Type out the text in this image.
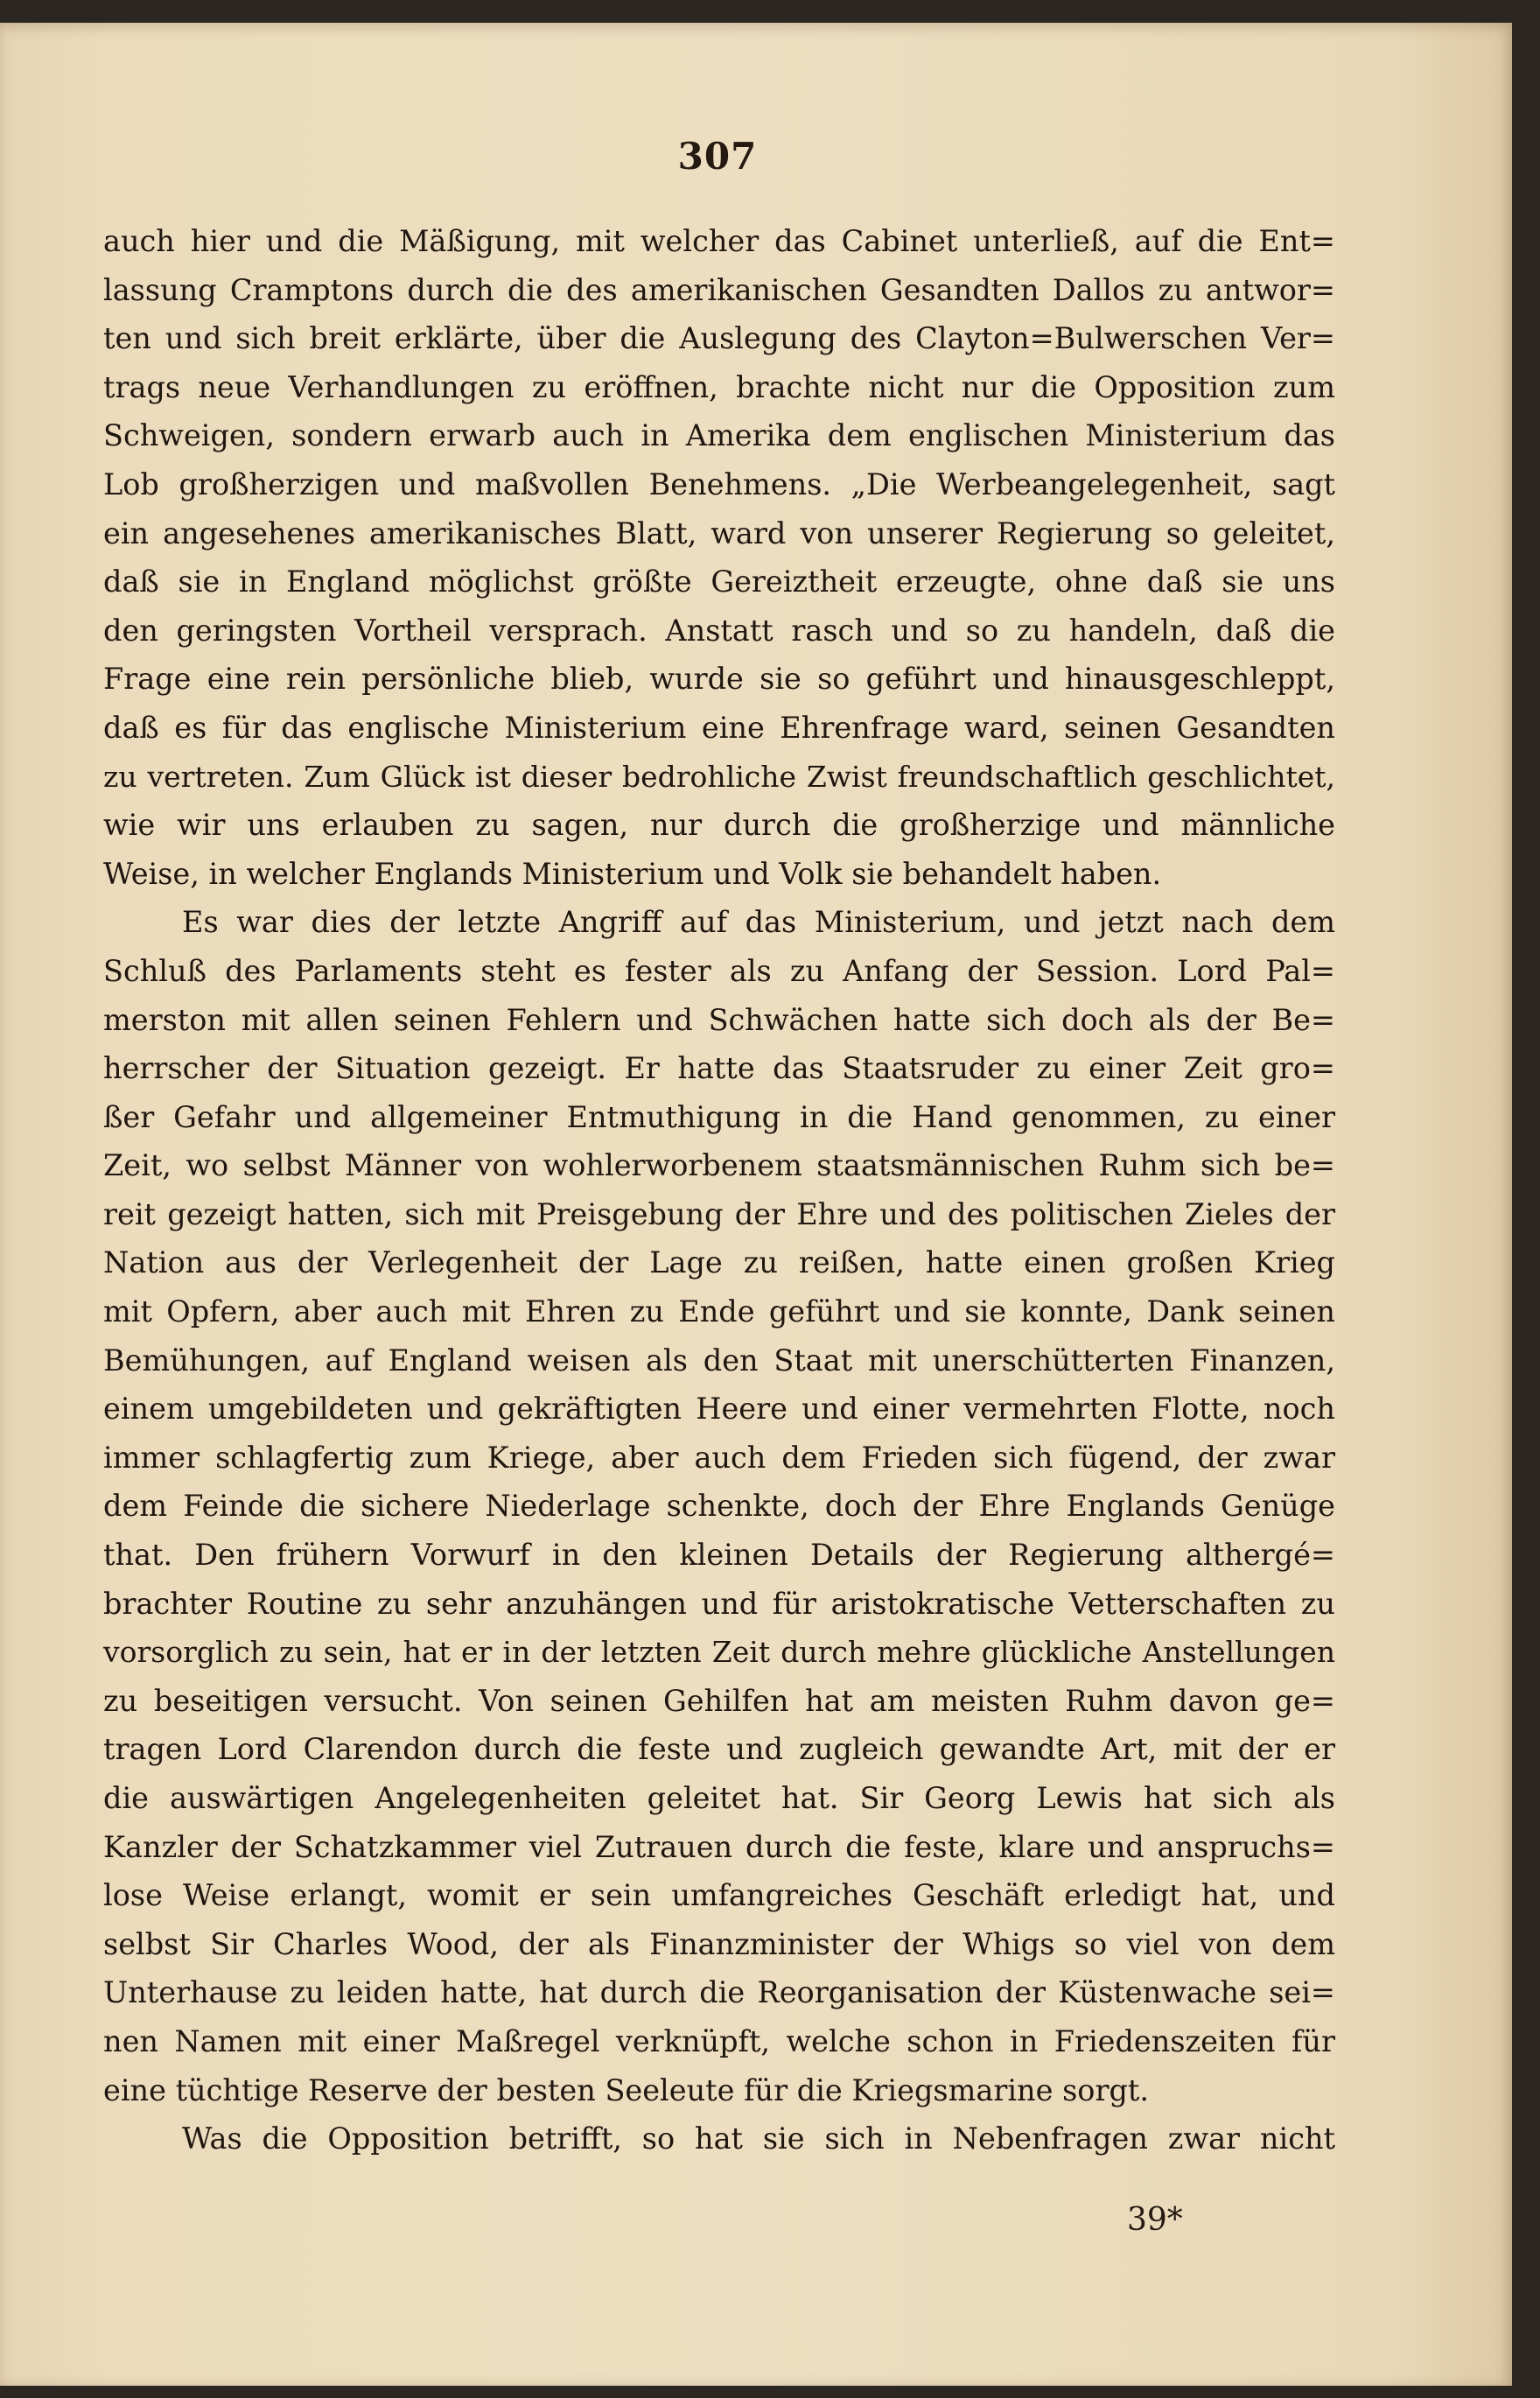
307
auch hier und die Mäßigung, mit welcher das Cabinet unterließ, auf die Ent=
lassung Cramptons durch die des amerikanischen Gesandten Dallos zu antwor=
ten und sich breit erklärte, über die Auslegung des Clayton=Bulwerschen Ver=
trags neue Verhandlungen zu eröffnen, brachte nicht nur die Opposition zum
Schweigen, sondern erwarb auch in Amerika dem englischen Ministerium das
Lob großherzigen und maßvollen Benehmens. „Die Werbeangelegenheit, sagt
ein angesehenes amerikanisches Blatt, ward von unserer Regierung so geleitet,
daß sie in England möglichst größte Gereiztheit erzeugte, ohne daß sie uns
den geringsten Vortheil versprach. Anstatt rasch und so zu handeln, daß die
Frage eine rein persönliche blieb, wurde sie so geführt und hinausgeschleppt,
daß es für das englische Ministerium eine Ehrenfrage ward, seinen Gesandten
zu vertreten. Zum Glück ist dieser bedrohliche Zwist freundschaftlich geschlichtet,
wie wir uns erlauben zu sagen, nur durch die großherzige und männliche
Weise, in welcher Englands Ministerium und Volk sie behandelt haben.
Es war dies der letzte Angriff auf das Ministerium, und jetzt nach dem
Schluß des Parlaments steht es fester als zu Anfang der Session. Lord Pal=
merston mit allen seinen Fehlern und Schwächen hatte sich doch als der Be=
herrscher der Situation gezeigt. Er hatte das Staatsruder zu einer Zeit gro=
ßer Gefahr und allgemeiner Entmuthigung in die Hand genommen, zu einer
Zeit, wo selbst Männer von wohlerworbenem staatsmännischen Ruhm sich be=
reit gezeigt hatten, sich mit Preisgebung der Ehre und des politischen Zieles der
Nation aus der Verlegenheit der Lage zu reißen, hatte einen großen Krieg
mit Opfern, aber auch mit Ehren zu Ende geführt und sie konnte, Dank seinen
Bemühungen, auf England weisen als den Staat mit unerschütterten Finanzen,
einem umgebildeten und gekräftigten Heere und einer vermehrten Flotte, noch
immer schlagfertig zum Kriege, aber auch dem Frieden sich fügend, der zwar
dem Feinde die sichere Niederlage schenkte, doch der Ehre Englands Genüge
that. Den frühern Vorwurf in den kleinen Details der Regierung althergé=
brachter Routine zu sehr anzuhängen und für aristokratische Vetterschaften zu
vorsorglich zu sein, hat er in der letzten Zeit durch mehre glückliche Anstellungen
zu beseitigen versucht. Von seinen Gehilfen hat am meisten Ruhm davon ge=
tragen Lord Clarendon durch die feste und zugleich gewandte Art, mit der er
die auswärtigen Angelegenheiten geleitet hat. Sir Georg Lewis hat sich als
Kanzler der Schatzkammer viel Zutrauen durch die feste, klare und anspruchs=
lose Weise erlangt, womit er sein umfangreiches Geschäft erledigt hat, und
selbst Sir Charles Wood, der als Finanzminister der Whigs so viel von dem
Unterhause zu leiden hatte, hat durch die Reorganisation der Küstenwache sei=
nen Namen mit einer Maßregel verknüpft, welche schon in Friedenszeiten für
eine tüchtige Reserve der besten Seeleute für die Kriegsmarine sorgt.
Was die Opposition betrifft, so hat sie sich in Nebenfragen zwar nicht
39*
